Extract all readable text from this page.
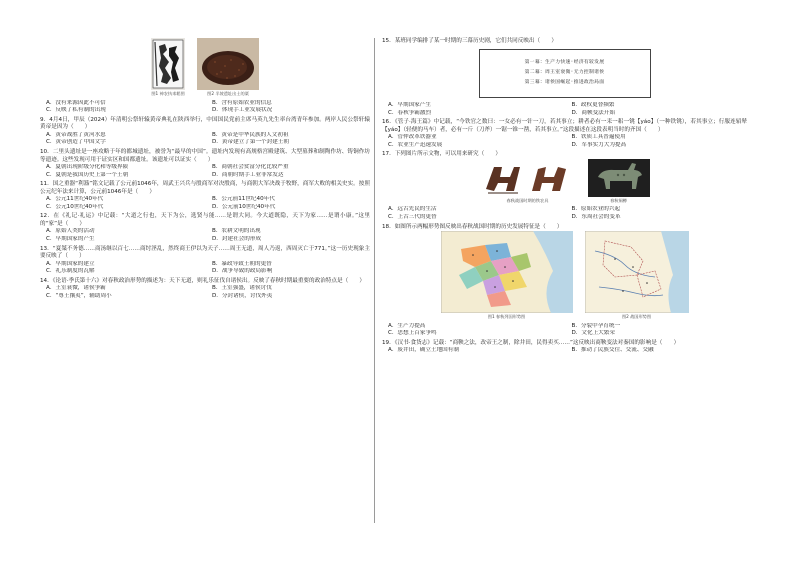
图1 神农执耒耜图	图2 半坡遗址出土的粟
A．没有来源因此不可信	B．含有原始农业的信息
C．反映了私有制的出现	D．体现手工业发展状况
9．4月4日，甲辰（2024）年清明公祭轩辕黄帝典礼在陕西举行，中国国民党前主席马英九先生率台湾青年参加。两岸人民公祭轩辕黄帝是因为（　　）
A．黄帝战胜了黄河水患	B．黄帝是中华民族的人文初祖
C．黄帝创造了中国文字	D．黄帝建立了第一个封建王朝
10．二里头遗址是一座攻略于年的都城遗址，被誉为“最早的中国”。遗址内发现有高规格宫殿建筑、大型墓葬和制陶作坊、铸铜作坊等遗迹。这些发现可用于证实区和国都遗址。该遗址可以证实（　　）
A．夏朝出现阶级分化和等级界限	B．商朝社会贫富分化比较严重
C．夏朝是我国历史上第一个王朝	D．商朝时期手工业非常发达
11．国之重器“利簋”铭文记载了公元前1046年，周武王兴兵与殷商军对决殷商，与商朝大军决战于牧野，商军大败的相关史实。按照公元纪年法来计算，公元前1046年是（　　）
A．公元11世纪40年代	B．公元前11世纪40年代
C．公元10世纪40年代	D．公元前10世纪40年代
12．在《礼记·礼运》中记载：“大道之行也，天下为公，选贤与能……是谓大同。今大道既隐，天下为家……是谓小康。”这里的“家”是（　　）
A．原始人类的活动	B．农耕文明的出现
C．早期国家的产生	D．封建社会的形成
13．“夏桀不务德……商汤继以百七……商纣淫乱，然终商王伊以为天子……周王无道，周人乃返，西周灭亡于771。”这一历史现象主要反映了（　　）
A．早期国家的建立	B．暴政导致王朝的更替
C．礼乐制度的瓦解	D．战争导致的政局影响
14．《论语·季氏第十六》对春秋政治形势的描述为：天下无道，则礼乐征伐自诸侯出。反映了春秋时期最重要的政治特点是（　　）
A．王室衰微，诸侯争霸	B．王室强盛，诸侯讨伐
C．“尊王攘夷”，辅助周小	D．分封诸侯，讨伐外夷
15．某班同学编排了某一时期的三幕历史剧，它们共同反映出（　　）
第一幕：生产力快速·经济有较发展
第二幕：周王室衰微·无力控制诸侯
第三幕：诸侯国崛起·推进政治局面
A．早期国家产生	B．政权更替频繁
C．春秋争霸激烈	D．商鞅变法开始
16．《管子·海王篇》中记载，“今铁官之数曰：一女必有一针一刀，若其事立；耕者必有一耒一耜一铫【yáo】（一种铁铫），若其事立；行服连轺辇【yáo】（轻便的马车）者，必有一斤（刀斧）一锯一锥一凿，若其事立。”这段描述在这段表明当时的齐国（　　）
A．管仲改革铁器业	B．铁质工具普遍使用
C．农业生产迅速发展	D．军事实力大为提高
17．下列图片所示文物，可以用来研究（　　）
春秋战国时期的铁农具	春秋铜樽
A．远古先民的生活	B．原始农业的兴起
C．上古三代的更替	D．东周社会的变革
18．如图所示两幅形势图反映出春秋战国时期的历史发展特征是（　　）
图1 春秋列国形势图	图2 战国形势图
A．生产力提高	B．分裂中孕育统一
C．思想上百家争鸣	D．文化上大繁荣
19．《汉书·食货志》记载：“商鞅之法，改帝王之制，除井田，民得卖买……”这反映出商鞅变法对秦国的影响是（　　）
A．废井田，确立土地国有制	B．推动了民族交往、交流、交融
